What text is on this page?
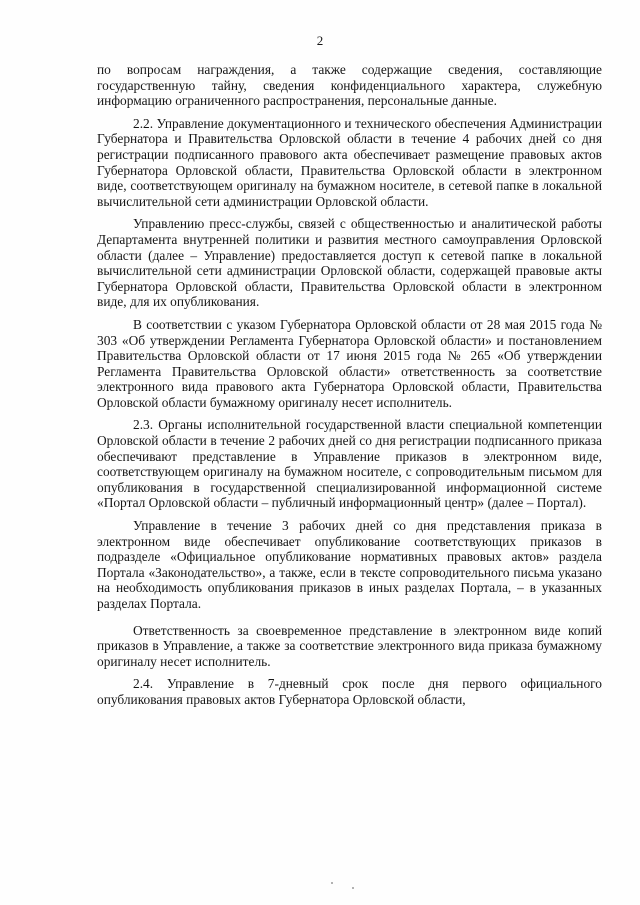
2

по вопросам награждения, а также содержащие сведения, составляющие государственную тайну, сведения конфиденциального характера, служебную информацию ограниченного распространения, персональные данные.

2.2. Управление документационного и технического обеспечения Администрации Губернатора и Правительства Орловской области в течение 4 рабочих дней со дня регистрации подписанного правового акта обеспечивает размещение правовых актов Губернатора Орловской области, Правительства Орловской области в электронном виде, соответствующем оригиналу на бумажном носителе, в сетевой папке в локальной вычислительной сети администрации Орловской области.

Управлению пресс-службы, связей с общественностью и аналитической работы Департамента внутренней политики и развития местного самоуправления Орловской области (далее – Управление) предоставляется доступ к сетевой папке в локальной вычислительной сети администрации Орловской области, содержащей правовые акты Губернатора Орловской области, Правительства Орловской области в электронном виде, для их опубликования.

В соответствии с указом Губернатора Орловской области от 28 мая 2015 года № 303 «Об утверждении Регламента Губернатора Орловской области» и постановлением Правительства Орловской области от 17 июня 2015 года № 265 «Об утверждении Регламента Правительства Орловской области» ответственность за соответствие электронного вида правового акта Губернатора Орловской области, Правительства Орловской области бумажному оригиналу несет исполнитель.

2.3. Органы исполнительной государственной власти специальной компетенции Орловской области в течение 2 рабочих дней со дня регистрации подписанного приказа обеспечивают представление в Управление приказов в электронном виде, соответствующем оригиналу на бумажном носителе, с сопроводительным письмом для опубликования в государственной специализированной информационной системе «Портал Орловской области – публичный информационный центр» (далее – Портал).

Управление в течение 3 рабочих дней со дня представления приказа в электронном виде обеспечивает опубликование соответствующих приказов в подразделе «Официальное опубликование нормативных правовых актов» раздела Портала «Законодательство», а также, если в тексте сопроводительного письма указано на необходимость опубликования приказов в иных разделах Портала, – в указанных разделах Портала.

Ответственность за своевременное представление в электронном виде копий приказов в Управление, а также за соответствие электронного вида приказа бумажному оригиналу несет исполнитель.

2.4. Управление в 7-дневный срок после дня первого официального опубликования правовых актов Губернатора Орловской области,
